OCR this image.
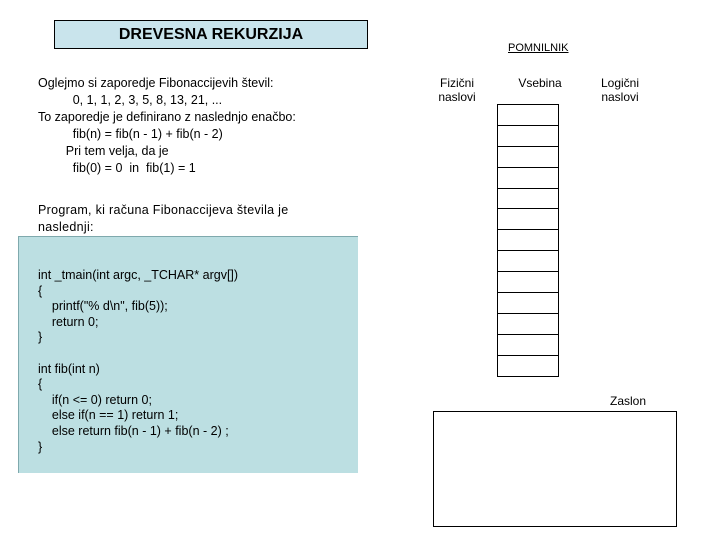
DREVESNA REKURZIJA
Oglejmo si zaporedje Fibonaccijevih števil:
0, 1, 1, 2, 3, 5, 8, 13, 21, ...
To zaporedje je definirano z naslednjo enačbo:
fib(n) = fib(n - 1) + fib(n - 2)
Pri tem velja, da je
fib(0) = 0  in  fib(1) = 1
Program, ki računa Fibonaccijeva števila je
naslednji:
int _tmain(int argc, _TCHAR* argv[])
{
printf("% d\n", fib(5));
return 0;
}
int fib(int n)
{
if(n <= 0) return 0;
else if(n == 1) return 1;
else return fib(n - 1) + fib(n - 2) ;
}
POMNILNIK
Fizični
naslovi
Vsebina	Logični
naslovi

Zaslon
